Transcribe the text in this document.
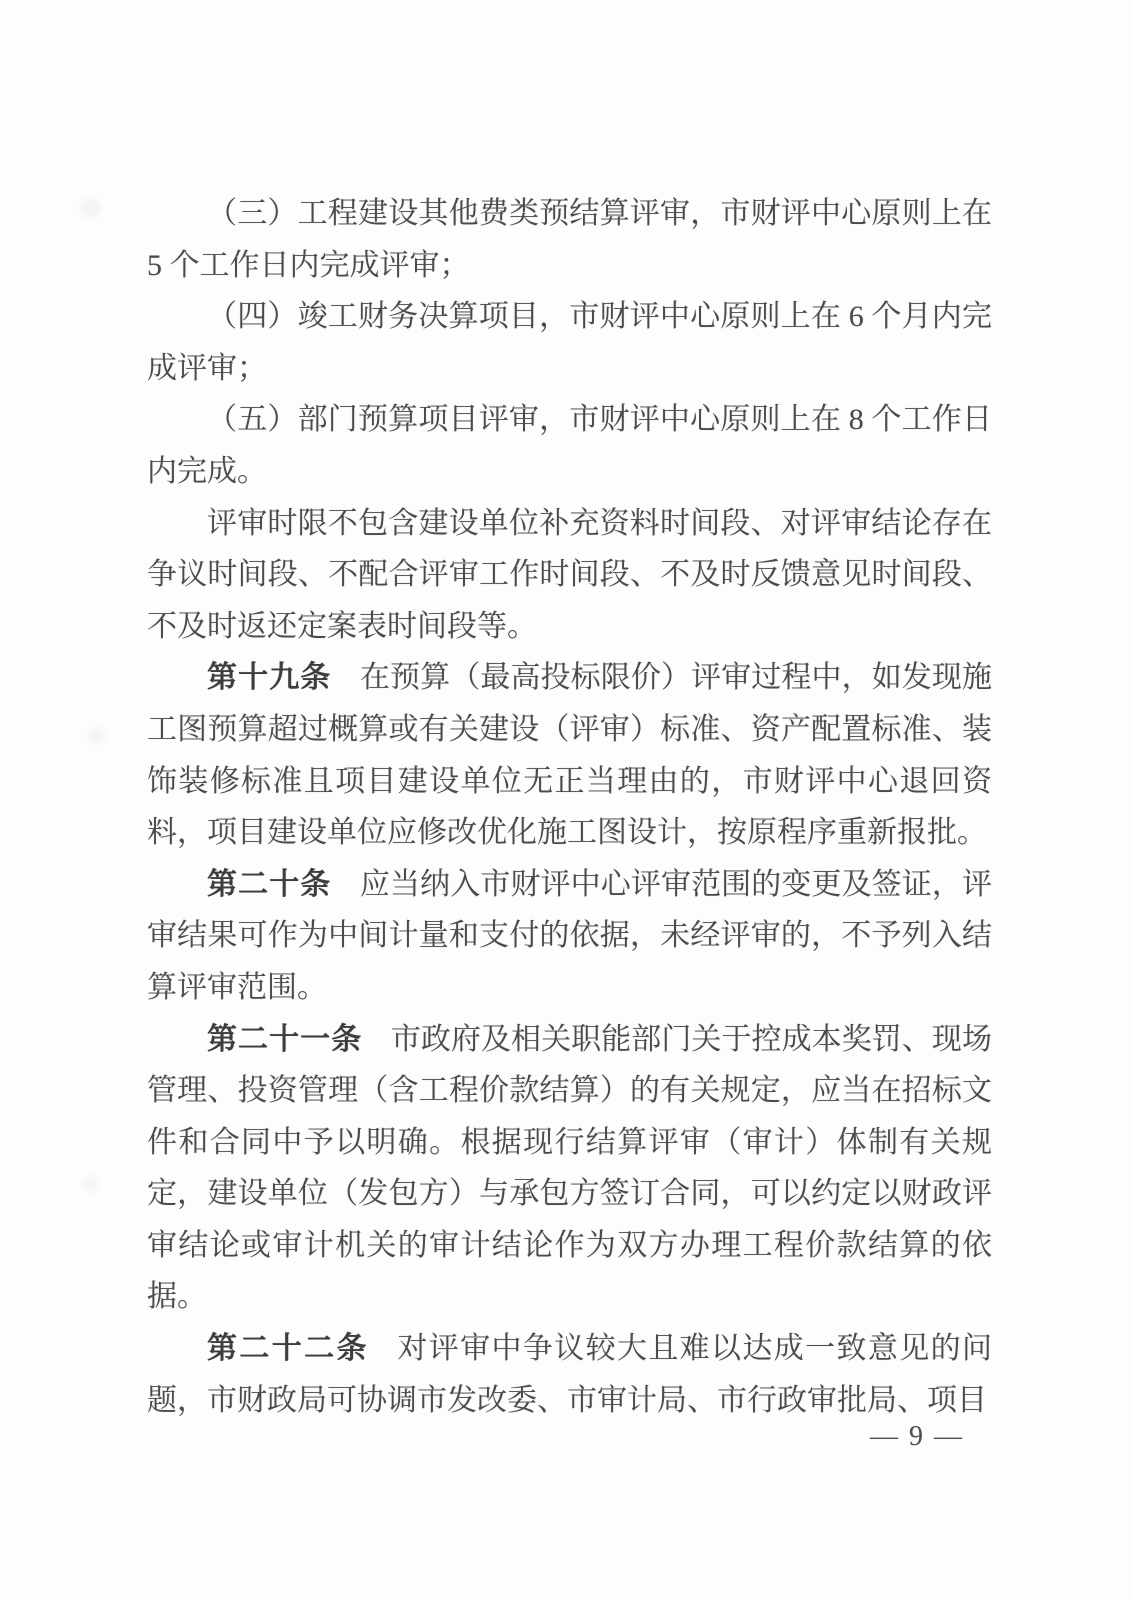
（三）工程建设其他费类预结算评审，市财评中心原则上在 5 个工作日内完成评审；

（四）竣工财务决算项目，市财评中心原则上在 6 个月内完成评审；

（五）部门预算项目评审，市财评中心原则上在 8 个工作日内完成。

评审时限不包含建设单位补充资料时间段、对评审结论存在争议时间段、不配合评审工作时间段、不及时反馈意见时间段、不及时返还定案表时间段等。

第十九条 在预算（最高投标限价）评审过程中，如发现施工图预算超过概算或有关建设（评审）标准、资产配置标准、装饰装修标准且项目建设单位无正当理由的，市财评中心退回资料，项目建设单位应修改优化施工图设计，按原程序重新报批。

第二十条 应当纳入市财评中心评审范围的变更及签证，评审结果可作为中间计量和支付的依据，未经评审的，不予列入结算评审范围。

第二十一条 市政府及相关职能部门关于控成本奖罚、现场管理、投资管理（含工程价款结算）的有关规定，应当在招标文件和合同中予以明确。根据现行结算评审（审计）体制有关规定，建设单位（发包方）与承包方签订合同，可以约定以财政评审结论或审计机关的审计结论作为双方办理工程价款结算的依据。

第二十二条 对评审中争议较大且难以达成一致意见的问题，市财政局可协调市发改委、市审计局、市行政审批局、项目

— 9 —
